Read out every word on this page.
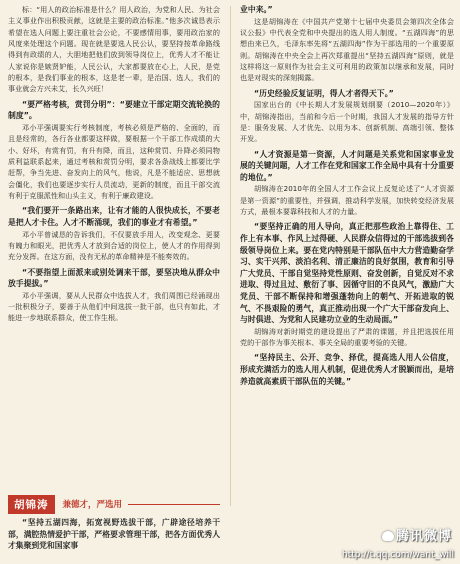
标：“用人的政治标准是什么？用人政治，为党和人民、为社会主义事业作出积极贡献，这就是主要的政治标准。”他多次诚恳表示希望在选人问题上要注重社会公论，不要感情用事，要用政治家的风度来处理这个问题。现在就是要选人民公认，要坚持按革命路线得到有政绩的人，大胆地把他们放到领导岗位上，优秀人才不能让人家说你是嫉贤妒能，人民公认，大家都要放在心上，人民，是党的根本，是我们事业的根本，这是老一辈，是治国、选人，我们的事业就会方兴未艾，长久兴旺！

“要严格考核，赏罚分明”：“要建立干部定期交流轮换的制度”。

邓小平强调要实行考核制度，考核必须是严格的、全面的，而且是经常的，各行各业都要这样做，要根据一个干部工作成绩的大小、好坏，有赏有罚，有升有降，而且，这种赏罚、升降必须同物质利益联系起来，通过考核和赏罚分明，要求各条战线上都要比学赶帮，争当先进、奋发向上的风气，他说，凡是不能适应、思想就会僵化，我们也要逐步实行人员流动，更新的制度，而且干部交流有利于克服派性和山头主义，有利于廉政建设。

“我们要开一条路出来，让有才能的人很快成长，不要老是把人才卡住。人才不断涌现，我们的事业才有希望。”

邓小平曾诚恳的告诉我们，不仅要放手用人，改变观念、更要有魄力和眼光，把优秀人才放到合适的岗位上，使人才的作用得到充分发挥。在这方面，没有无私的革命精神是不能奏效的。

“不要指望上面派来或别处调来干部，要坚决地从群众中放手提拔。”

邓小平强调，要从人民群众中选拔人才，我们周围已经涌现出一批积极分子，要善于从他们中间选拔一批干部，也只有如此，才能进一步地联系群众，使工作生根。

胡锦涛	兼德才，严选用

“坚持五湖四海，拓宽视野选拔干部，广辟途径培养干部，满腔热情爱护干部，严格要求管理干部，把各方面优秀人才集聚到党和国家事

业中来。”

这是胡锦涛在《中国共产党第十七届中央委员会第四次全体会议公报》中代表全党和中央提出的选人用人制度。“五湖四海”的思想由来已久，毛泽东率先将“五湖四海”作为干部选用的一个重要原则。胡锦涛在中央全会上再次郑重提出“坚持五湖四海”原则，就是这样将这一原则作为社会主义可利用的政策加以继承和发展，同时也是对现实的深刻揭露。

“历史经验反复证明，得人才者得天下。”

国家出台的《中长期人才发展规划纲要（2010—2020年）》中，胡锦涛指出，当前和今后一个时期，我国人才发展的指导方针是：服务发展、人才优先、以用为本、创新机制、高端引领、整体开发。

“人才资源是第一资源，人才问题是关系党和国家事业发展的关键问题，人才工作在党和国家工作全局中具有十分重要的地位。”

胡锦涛在2010年的全国人才工作会议上反复论述了“人才资源是第一资源”的重要性，并强调，推动科学发展，加快转变经济发展方式，最根本要靠科技和人才的力量。

“要坚持正确的用人导向，真正把那些政治上靠得住、工作上有本事、作风上过得硬、人民群众信得过的干部选拔到各级领导岗位上来。要在党内特别是干部队伍中大力营造勤奋学习、实干兴邦、淡泊名利、清正廉洁的良好氛围，教育和引导广大党员、干部自觉坚持党性原则、奋发创新，自觉反对不求进取、得过且过、敷衍了事、因循守旧的不良风气，激励广大党员、干部不断保持和增强蓬勃向上的朝气、开拓进取的锐气、不畏艰险的勇气，真正推动出现一个广大干部奋发向上、与时俱进、为党和人民建功立业的生动局面。”

胡锦涛对新时期党的建设提出了严肃的课题，并且把选拔任用党的干部作为事关根本、事关全局的重要考验的关键。

“坚持民主、公开、竞争、择优，提高选人用人公信度，形成充满活力的选人用人机制，促进优秀人才脱颖而出，是培养造就高素质干部队伍的关键。”

腾讯微博
http://t.qq.com/want_will
